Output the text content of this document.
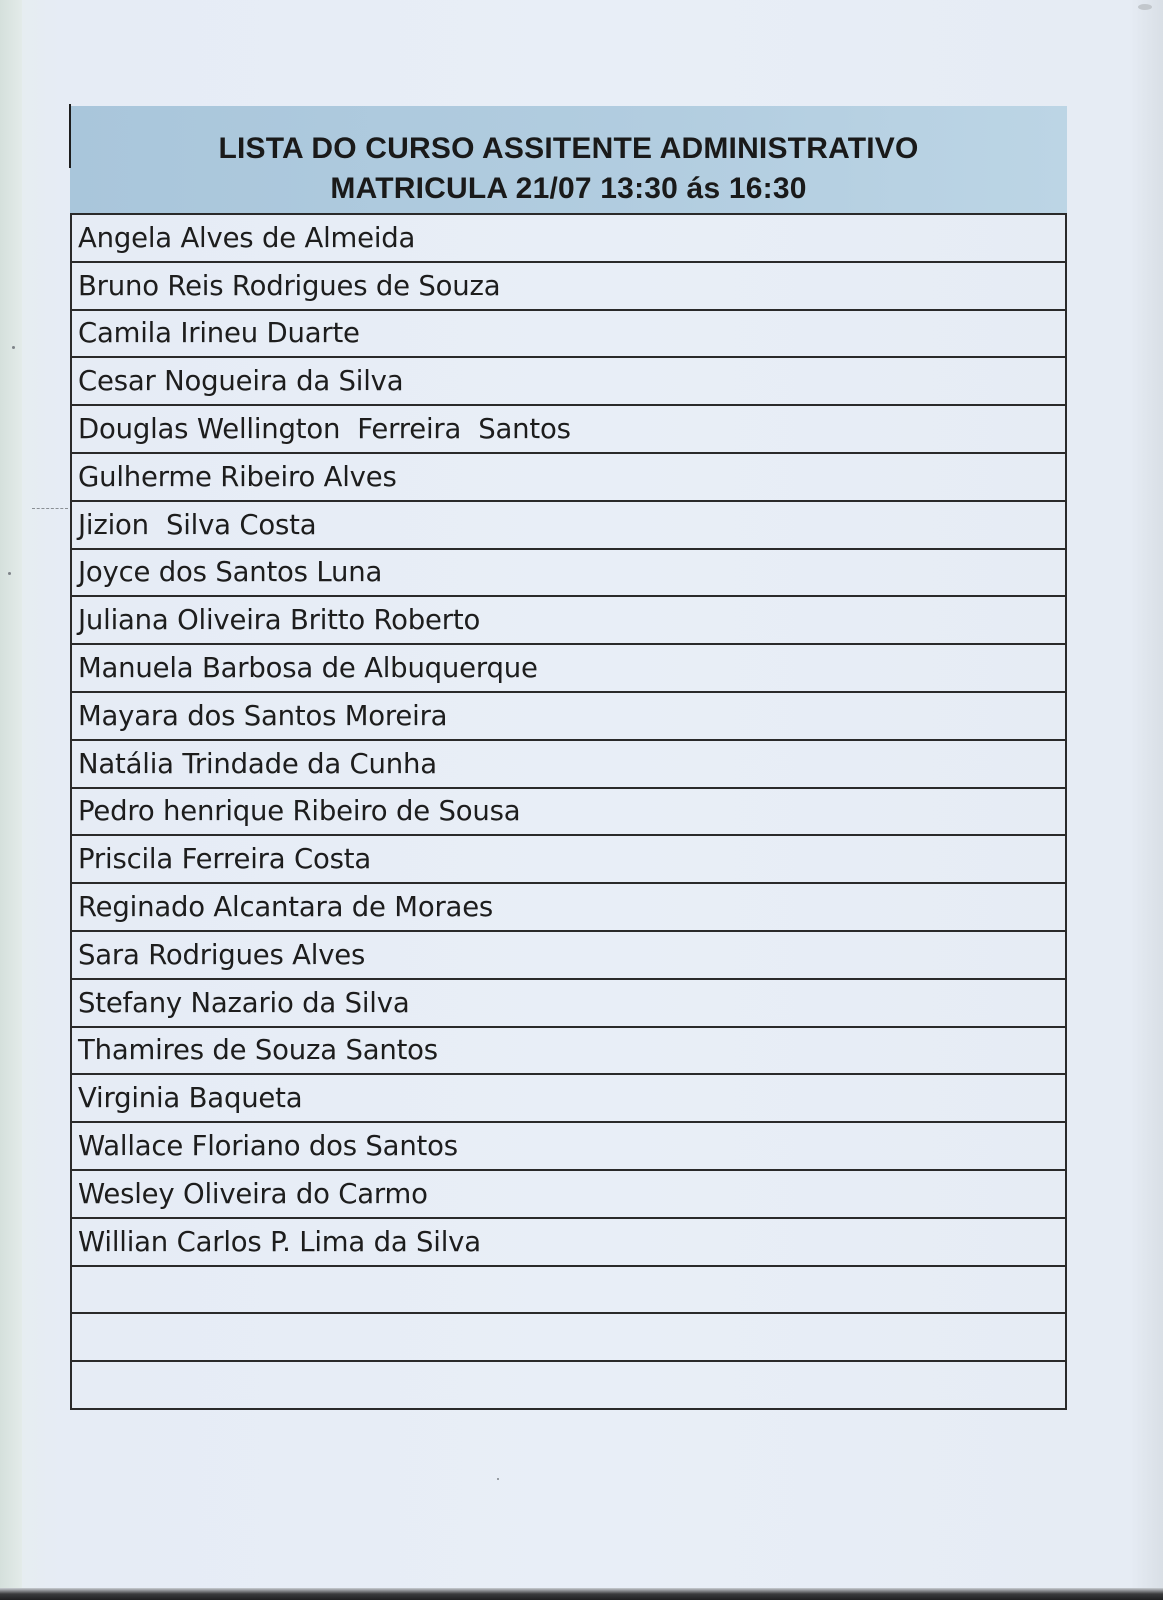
LISTA DO CURSO ASSITENTE ADMINISTRATIVO
MATRICULA 21/07 13:30 ás 16:30
Angela Alves de Almeida
Bruno Reis Rodrigues de Souza
Camila Irineu Duarte
Cesar Nogueira da Silva
Douglas Wellington  Ferreira  Santos
Gulherme Ribeiro Alves
Jizion  Silva Costa
Joyce dos Santos Luna
Juliana Oliveira Britto Roberto
Manuela Barbosa de Albuquerque
Mayara dos Santos Moreira
Natália Trindade da Cunha
Pedro henrique Ribeiro de Sousa
Priscila Ferreira Costa
Reginado Alcantara de Moraes
Sara Rodrigues Alves
Stefany Nazario da Silva
Thamires de Souza Santos
Virginia Baqueta
Wallace Floriano dos Santos
Wesley Oliveira do Carmo
Willian Carlos P. Lima da Silva
